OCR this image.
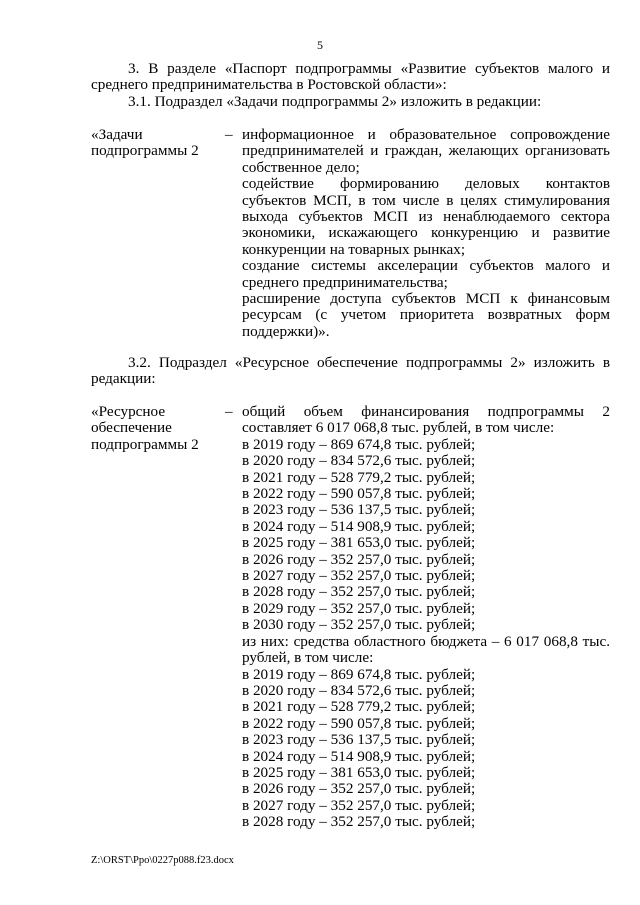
5
3. В разделе «Паспорт подпрограммы «Развитие субъектов малого и среднего предпринимательства в Ростовской области»:
3.1. Подраздел «Задачи подпрограммы 2» изложить в редакции:
«Задачи подпрограммы 2
– информационное и образовательное сопровождение предпринимателей и граждан, желающих организовать собственное дело;
содействие формированию деловых контактов субъектов МСП, в том числе в целях стимулирования выхода субъектов МСП из ненаблюдаемого сектора экономики, искажающего конкуренцию и развитие конкуренции на товарных рынках;
создание системы акселерации субъектов малого и среднего предпринимательства;
расширение доступа субъектов МСП к финансовым ресурсам (с учетом приоритета возвратных форм поддержки)».
3.2. Подраздел «Ресурсное обеспечение подпрограммы 2» изложить в редакции:
«Ресурсное обеспечение подпрограммы 2
– общий объем финансирования подпрограммы 2 составляет 6 017 068,8 тыс. рублей, в том числе:
в 2019 году – 869 674,8 тыс. рублей;
в 2020 году – 834 572,6 тыс. рублей;
в 2021 году – 528 779,2 тыс. рублей;
в 2022 году – 590 057,8 тыс. рублей;
в 2023 году – 536 137,5 тыс. рублей;
в 2024 году – 514 908,9 тыс. рублей;
в 2025 году – 381 653,0 тыс. рублей;
в 2026 году – 352 257,0 тыс. рублей;
в 2027 году – 352 257,0 тыс. рублей;
в 2028 году – 352 257,0 тыс. рублей;
в 2029 году – 352 257,0 тыс. рублей;
в 2030 году – 352 257,0 тыс. рублей;
из них: средства областного бюджета – 6 017 068,8 тыс. рублей, в том числе:
в 2019 году – 869 674,8 тыс. рублей;
в 2020 году – 834 572,6 тыс. рублей;
в 2021 году – 528 779,2 тыс. рублей;
в 2022 году – 590 057,8 тыс. рублей;
в 2023 году – 536 137,5 тыс. рублей;
в 2024 году – 514 908,9 тыс. рублей;
в 2025 году – 381 653,0 тыс. рублей;
в 2026 году – 352 257,0 тыс. рублей;
в 2027 году – 352 257,0 тыс. рублей;
в 2028 году – 352 257,0 тыс. рублей;
Z:\ORST\Ppo\0227p088.f23.docx
